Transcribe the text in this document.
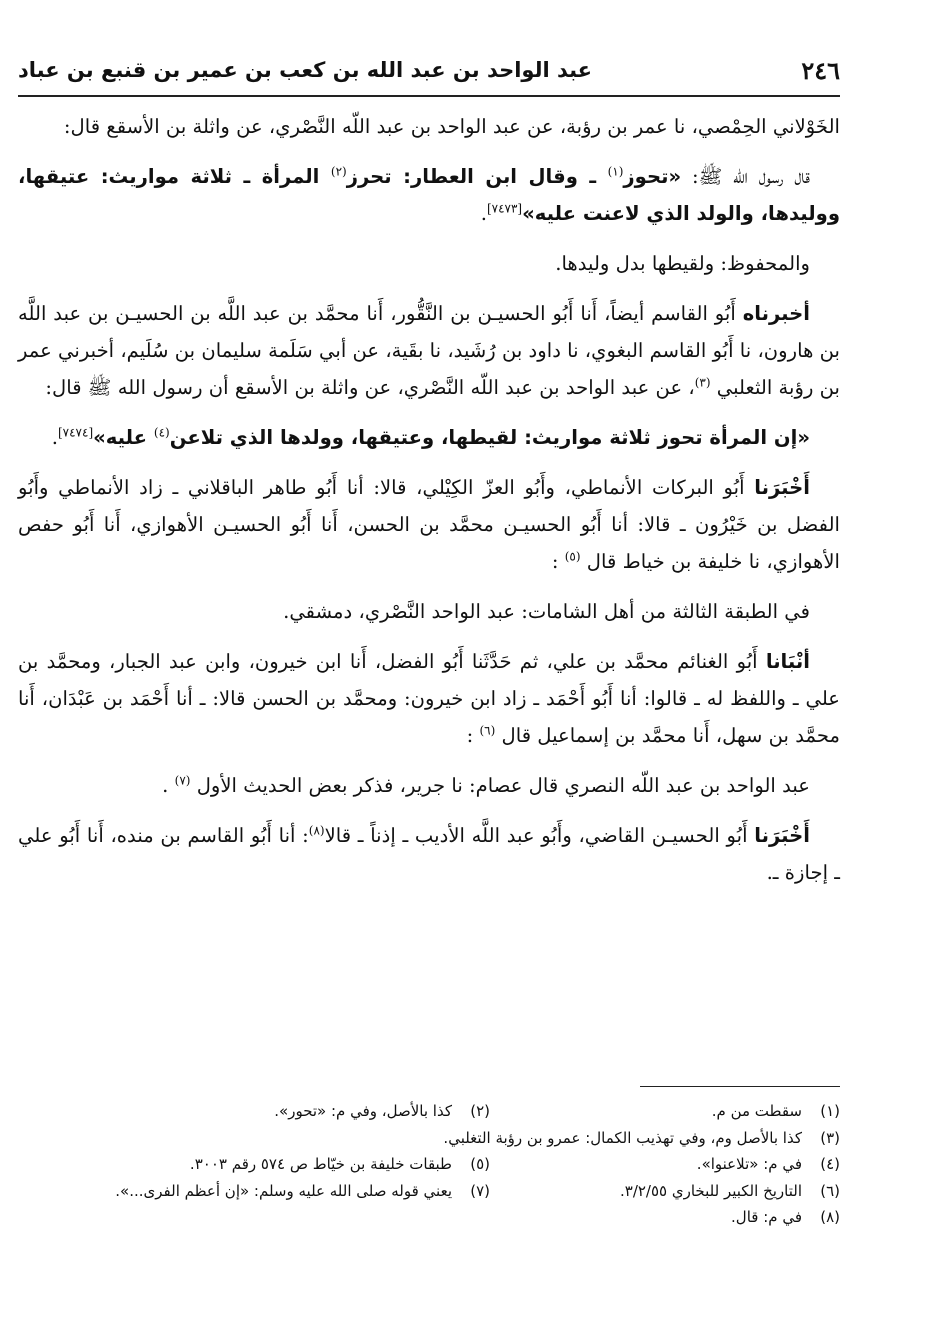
٢٤٦
عبد الواحد بن عبد الله بن كعب بن عمير بن قنبع بن عباد

الخَوْلاني الحِمْصي، نا عمر بن رؤبة، عن عبد الواحد بن عبد اللّه النَّصْري، عن واثلة بن الأسقع قال:

قال رسول الله ﷺ: «تحوز$^{(١)}$ ـ وقال ابن العطار: تحرز$^{(٢)}$ المرأة ـ ثلاثة مواريث: عتيقها، ووليدها، والولد الذي لاعنت عليه»[٧٤٧٣].

والمحفوظ: ولقيطها بدل وليدها.

أخبرناه أَبُو القاسم أيضاً، أَنا أَبُو الحسيـن بن النَّقُّور، أَنا محمَّد بن عبد اللَّه بن الحسيـن بن عبد اللَّه بن هارون، نا أَبُو القاسم البغوي، نا داود بن رُشَيد، نا بقَية، عن أبي سَلَمة سليمان بن سُلَيم، أخبرني عمر بن رؤبة الثعلبي $^{(٣)}$، عن عبد الواحد بن عبد اللّه النَّصْري، عن واثلة بن الأسقع أن رسول الله ﷺ قال:

«إن المرأة تحوز ثلاثة مواريث: لقيطها، وعتيقها، وولدها الذي تلاعن$^{(٤)}$ عليه»[٧٤٧٤].

أَخْبَرَنا أَبُو البركات الأنماطي، وأَبُو العزّ الكِيْلي، قالا: أنا أَبُو طاهر الباقلاني ـ زاد الأنماطي وأَبُو الفضل بن خَيْرُون ـ قالا: أنا أَبُو الحسيـن محمَّد بن الحسن، أَنا أَبُو الحسيـن الأهوازي، أَنا أَبُو حفص الأهوازي، نا خليفة بن خياط قال $^{(٥)}$ :

في الطبقة الثالثة من أهل الشامات: عبد الواحد النَّصْري، دمشقي.

أنْبَانا أَبُو الغنائم محمَّد بن علي، ثم حَدَّثَنا أَبُو الفضل، أَنا ابن خيرون، وابن عبد الجبار، ومحمَّد بن علي ـ واللفظ له ـ قالوا: أنا أَبُو أَحْمَد ـ زاد ابن خيرون: ومحمَّد بن الحسن قالا: ـ أنا أَحْمَد بن عَبْدَان، أَنا محمَّد بن سهل، أَنا محمَّد بن إسماعيل قال $^{(٦)}$ :

عبد الواحد بن عبد اللّه النصري قال عصام: نا جرير، فذكر بعض الحديث الأول $^{(٧)}$ .

أَخْبَرَنا أَبُو الحسيـن القاضي، وأَبُو عبد اللَّه الأديب ـ إذناً ـ قالا$^{(٨)}$: أنا أَبُو القاسم بن منده، أَنا أَبُو علي ـ إجازة ـ.

(١)
سقطت من م.
(٢)
كذا بالأصل، وفي م: «تحور».
(٣)
كذا بالأصل وم، وفي تهذيب الكمال: عمرو بن رؤبة التغلبي.
(٤)
في م: «تلاعنوا».
(٥)
طبقات خليفة بن خيّاط ص ٥٧٤ رقم ٣٠٠٣.
(٦)
التاريخ الكبير للبخاري ٣/٢/٥٥.
(٧)
يعني قوله صلى الله عليه وسلم: «إن أعظم الفرى...».
(٨)
في م: قال.
